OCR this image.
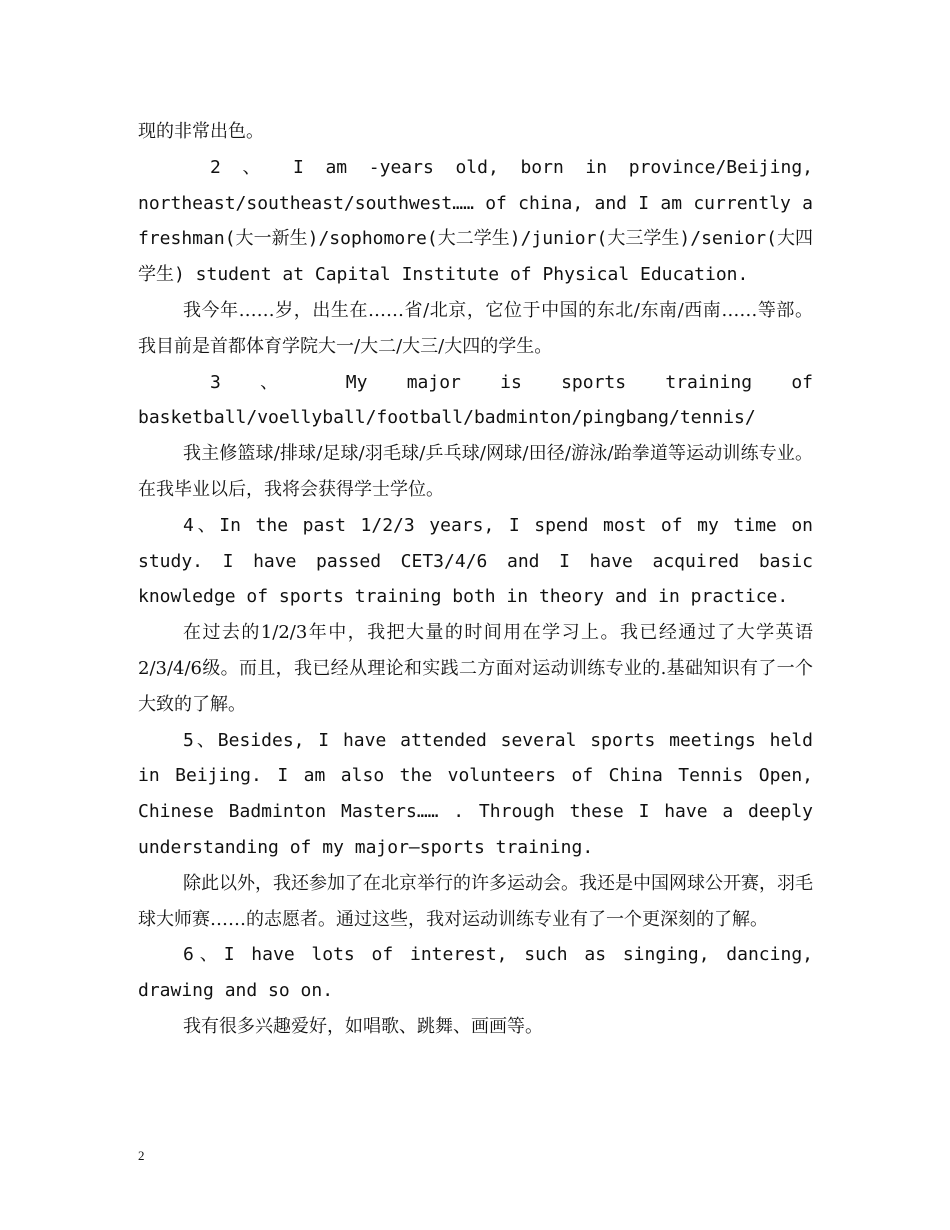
现的非常出色。

2 、 I am -years old, born in province/Beijing, northeast/southeast/southwest…… of china, and I am currently a freshman(大一新生)/sophomore(大二学生)/junior(大三学生)/senior(大四学生) student at Capital Institute of Physical Education.

我今年……岁，出生在……省/北京，它位于中国的东北/东南/西南……等部。我目前是首都体育学院大一/大二/大三/大四的学生。

3 、 My major is sports training of basketball/voellyball/football/badminton/pingbang/tennis/

我主修篮球/排球/足球/羽毛球/乒乓球/网球/田径/游泳/跆拳道等运动训练专业。在我毕业以后，我将会获得学士学位。

4、In the past 1/2/3 years, I spend most of my time on study. I have passed CET3/4/6 and I have acquired basic knowledge of sports training both in theory and in practice.

在过去的1/2/3年中，我把大量的时间用在学习上。我已经通过了大学英语2/3/4/6级。而且，我已经从理论和实践二方面对运动训练专业的.基础知识有了一个大致的了解。

5、Besides, I have attended several sports meetings held in Beijing. I am also the volunteers of China Tennis Open, Chinese Badminton Masters…… . Through these I have a deeply understanding of my major—sports training.

除此以外，我还参加了在北京举行的许多运动会。我还是中国网球公开赛，羽毛球大师赛……的志愿者。通过这些，我对运动训练专业有了一个更深刻的了解。

6、I have lots of interest, such as singing, dancing, drawing and so on.

我有很多兴趣爱好，如唱歌、跳舞、画画等。

2
